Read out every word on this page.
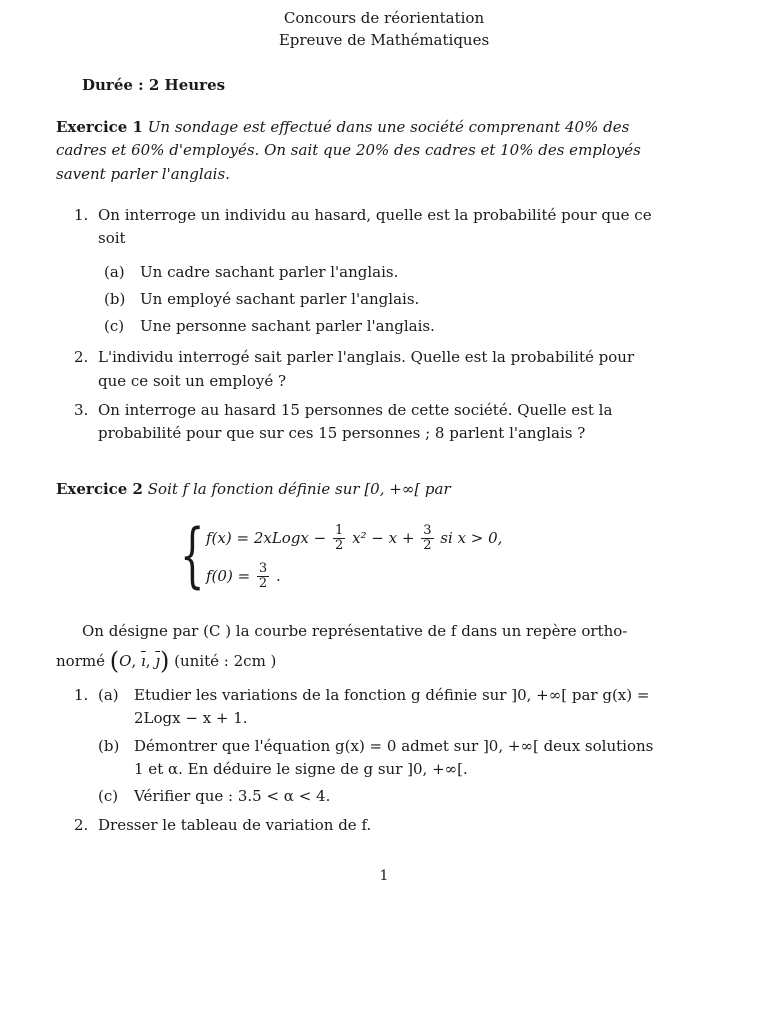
Concours de réorientation
Epreuve de Mathématiques
Durée : 2 Heures
Exercice 1 Un sondage est effectué dans une société comprenant 40% des cadres et 60% d'employés. On sait que 20% des cadres et 10% des employés savent parler l'anglais.
1. On interroge un individu au hasard, quelle est la probabilité pour que ce soit
(a) Un cadre sachant parler l'anglais.
(b) Un employé sachant parler l'anglais.
(c) Une personne sachant parler l'anglais.
2. L'individu interrogé sait parler l'anglais. Quelle est la probabilité pour que ce soit un employé ?
3. On interroge au hasard 15 personnes de cette société. Quelle est la probabilité pour que sur ces 15 personnes ; 8 parlent l'anglais ?
Exercice 2 Soit f la fonction définie sur [0, +∞[ par
{ f(x) = 2xLogx − $\frac{1}{2} x^2 - x + \frac{3}{2}$ si x > 0,
$f(0) = \frac{3}{2}$ .
On désigne par (C ) la courbe représentative de f dans un repère ortho-
normé (O, $\overline{ı}$, $\overline{ȷ}$) (unité : 2cm )
1. (a) Etudier les variations de la fonction g définie sur ]0, +∞[ par g(x) = 2Logx − x + 1.
(b) Démontrer que l'équation g(x) = 0 admet sur ]0, +∞[ deux solutions 1 et α. En déduire le signe de g sur ]0, +∞[.
(c) Vérifier que : 3.5 < α < 4.
2. Dresser le tableau de variation de f.
1
